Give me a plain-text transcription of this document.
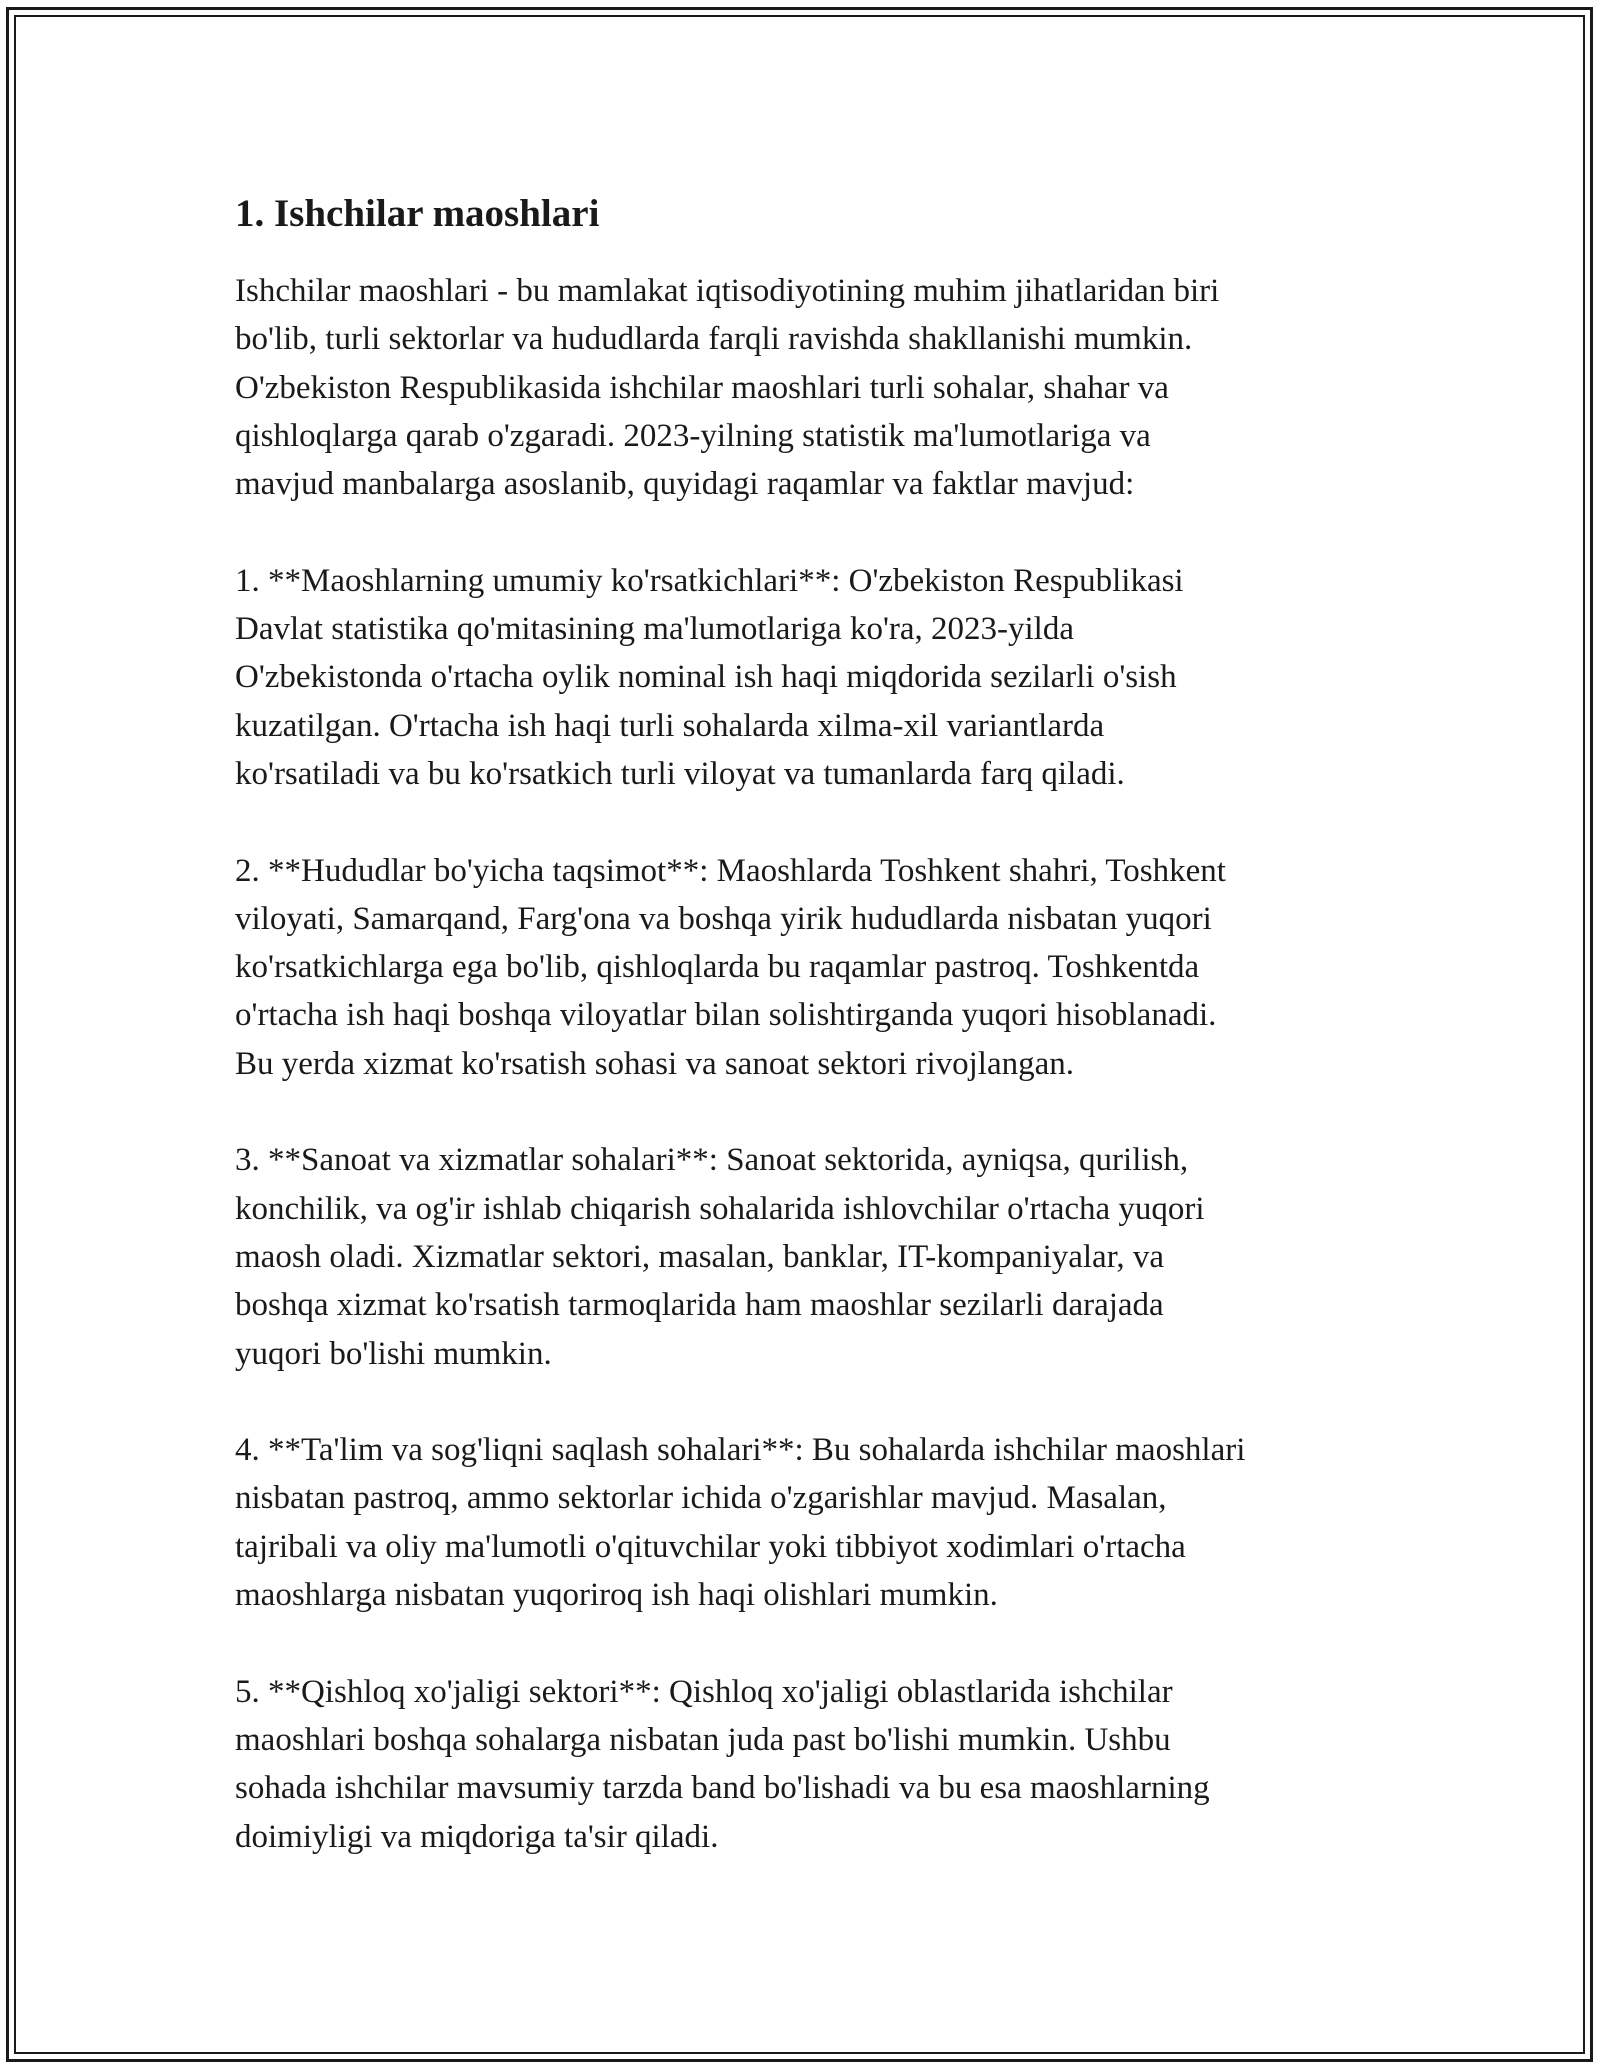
1. Ishchilar maoshlari

Ishchilar maoshlari - bu mamlakat iqtisodiyotining muhim jihatlaridan biri
bo'lib, turli sektorlar va hududlarda farqli ravishda shakllanishi mumkin.
O'zbekiston Respublikasida ishchilar maoshlari turli sohalar, shahar va
qishloqlarga qarab o'zgaradi. 2023-yilning statistik ma'lumotlariga va
mavjud manbalarga asoslanib, quyidagi raqamlar va faktlar mavjud:

1. **Maoshlarning umumiy ko'rsatkichlari**: O'zbekiston Respublikasi
Davlat statistika qo'mitasining ma'lumotlariga ko'ra, 2023-yilda
O'zbekistonda o'rtacha oylik nominal ish haqi miqdorida sezilarli o'sish
kuzatilgan. O'rtacha ish haqi turli sohalarda xilma-xil variantlarda
ko'rsatiladi va bu ko'rsatkich turli viloyat va tumanlarda farq qiladi.

2. **Hududlar bo'yicha taqsimot**: Maoshlarda Toshkent shahri, Toshkent
viloyati, Samarqand, Farg'ona va boshqa yirik hududlarda nisbatan yuqori
ko'rsatkichlarga ega bo'lib, qishloqlarda bu raqamlar pastroq. Toshkentda
o'rtacha ish haqi boshqa viloyatlar bilan solishtirganda yuqori hisoblanadi.
Bu yerda xizmat ko'rsatish sohasi va sanoat sektori rivojlangan.

3. **Sanoat va xizmatlar sohalari**: Sanoat sektorida, ayniqsa, qurilish,
konchilik, va og'ir ishlab chiqarish sohalarida ishlovchilar o'rtacha yuqori
maosh oladi. Xizmatlar sektori, masalan, banklar, IT-kompaniyalar, va
boshqa xizmat ko'rsatish tarmoqlarida ham maoshlar sezilarli darajada
yuqori bo'lishi mumkin.

4. **Ta'lim va sog'liqni saqlash sohalari**: Bu sohalarda ishchilar maoshlari
nisbatan pastroq, ammo sektorlar ichida o'zgarishlar mavjud. Masalan,
tajribali va oliy ma'lumotli o'qituvchilar yoki tibbiyot xodimlari o'rtacha
maoshlarga nisbatan yuqoriroq ish haqi olishlari mumkin.

5. **Qishloq xo'jaligi sektori**: Qishloq xo'jaligi oblastlarida ishchilar
maoshlari boshqa sohalarga nisbatan juda past bo'lishi mumkin. Ushbu
sohada ishchilar mavsumiy tarzda band bo'lishadi va bu esa maoshlarning
doimiyligi va miqdoriga ta'sir qiladi.
